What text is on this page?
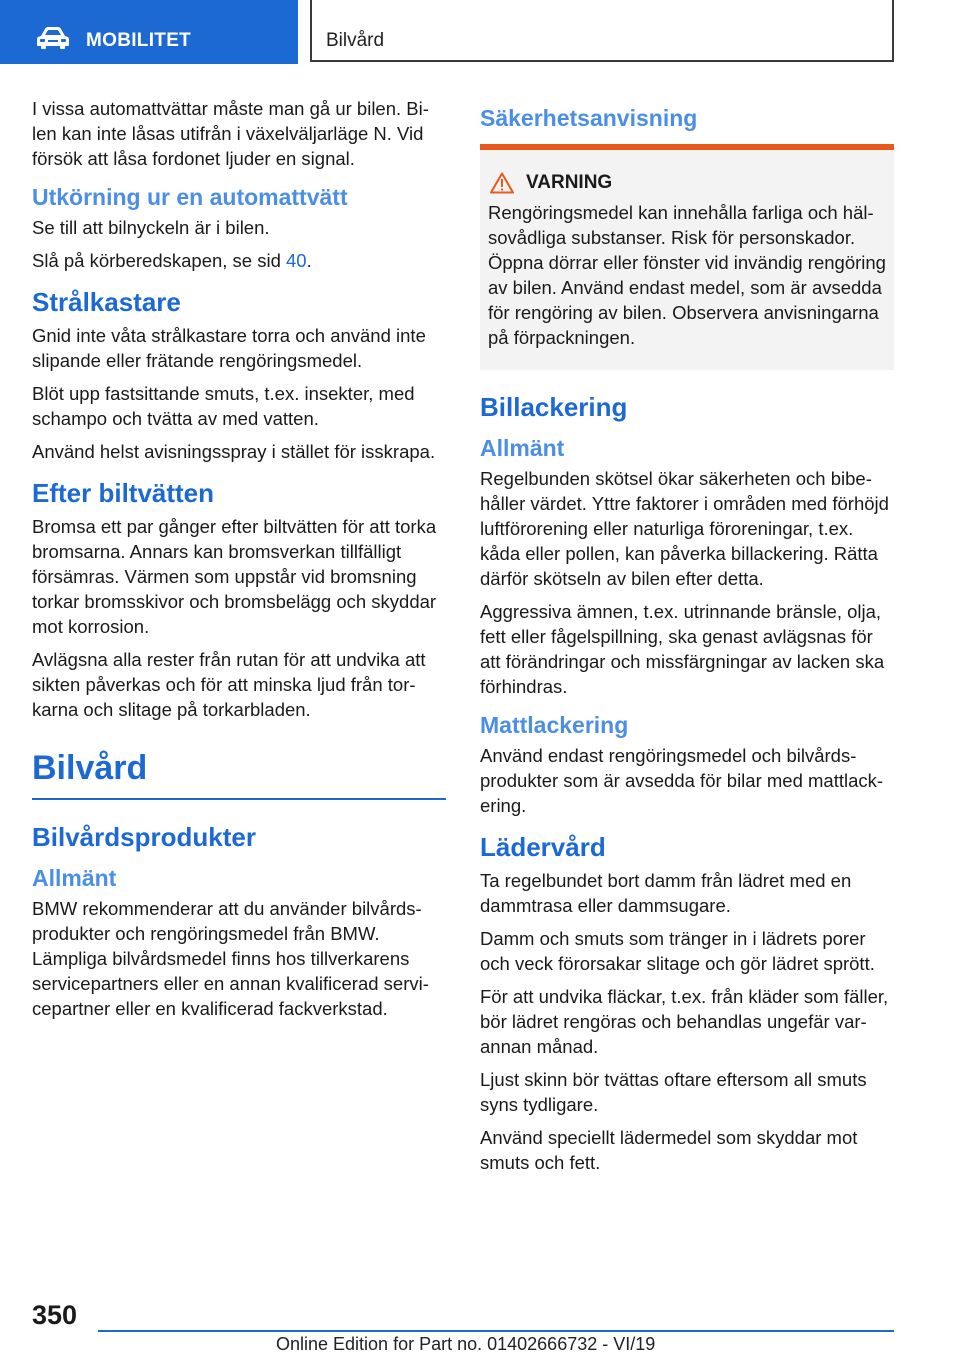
MOBILITET	Bilvård

I vissa automattvättar måste man gå ur bilen. Bilen kan inte låsas utifrån i växelväljarläge N. Vid försök att låsa fordonet ljuder en signal.

Utkörning ur en automattvätt

Se till att bilnyckeln är i bilen.

Slå på körberedskapen, se sid 40.

Strålkastare

Gnid inte våta strålkastare torra och använd inte slipande eller frätande rengöringsmedel.

Blöt upp fastsittande smuts, t.ex. insekter, med schampo och tvätta av med vatten.

Använd helst avisningsspray i stället för isskrapa.

Efter biltvätten

Bromsa ett par gånger efter biltvätten för att torka bromsarna. Annars kan bromsverkan tillfälligt försämras. Värmen som uppstår vid bromsning torkar bromsskivor och bromsbelägg och skyddar mot korrosion.

Avlägsna alla rester från rutan för att undvika att sikten påverkas och för att minska ljud från torkarna och slitage på torkarbladen.

Bilvård
Bilvårdsprodukter
Allmänt

BMW rekommenderar att du använder bilvårdsprodukter och rengöringsmedel från BMW. Lämpliga bilvårdsmedel finns hos tillverkarens servicepartners eller en annan kvalificerad servicepartner eller en kvalificerad fackverkstad.

Säkerhetsanvisning
VARNING

Rengöringsmedel kan innehålla farliga och hälsovådliga substanser. Risk för personskador. Öppna dörrar eller fönster vid invändig rengöring av bilen. Använd endast medel, som är avsedda för rengöring av bilen. Observera anvisningarna på förpackningen.

Billackering
Allmänt

Regelbunden skötsel ökar säkerheten och bibehåller värdet. Yttre faktorer i områden med förhöjd luftförorening eller naturliga föroreningar, t.ex. kåda eller pollen, kan påverka billackering. Rätta därför skötseln av bilen efter detta.

Aggressiva ämnen, t.ex. utrinnande bränsle, olja, fett eller fågelspillning, ska genast avlägsnas för att förändringar och missfärgningar av lacken ska förhindras.

Mattlackering

Använd endast rengöringsmedel och bilvårdsprodukter som är avsedda för bilar med mattlackering.

Lädervård

Ta regelbundet bort damm från lädret med en dammtrasa eller dammsugare.

Damm och smuts som tränger in i lädrets porer och veck förorsakar slitage och gör lädret sprött.

För att undvika fläckar, t.ex. från kläder som fäller, bör lädret rengöras och behandlas ungefär varannan månad.

Ljust skinn bör tvättas oftare eftersom all smuts syns tydligare.

Använd speciellt lädermedel som skyddar mot smuts och fett.

350
Online Edition for Part no. 01402666732 - VI/19
